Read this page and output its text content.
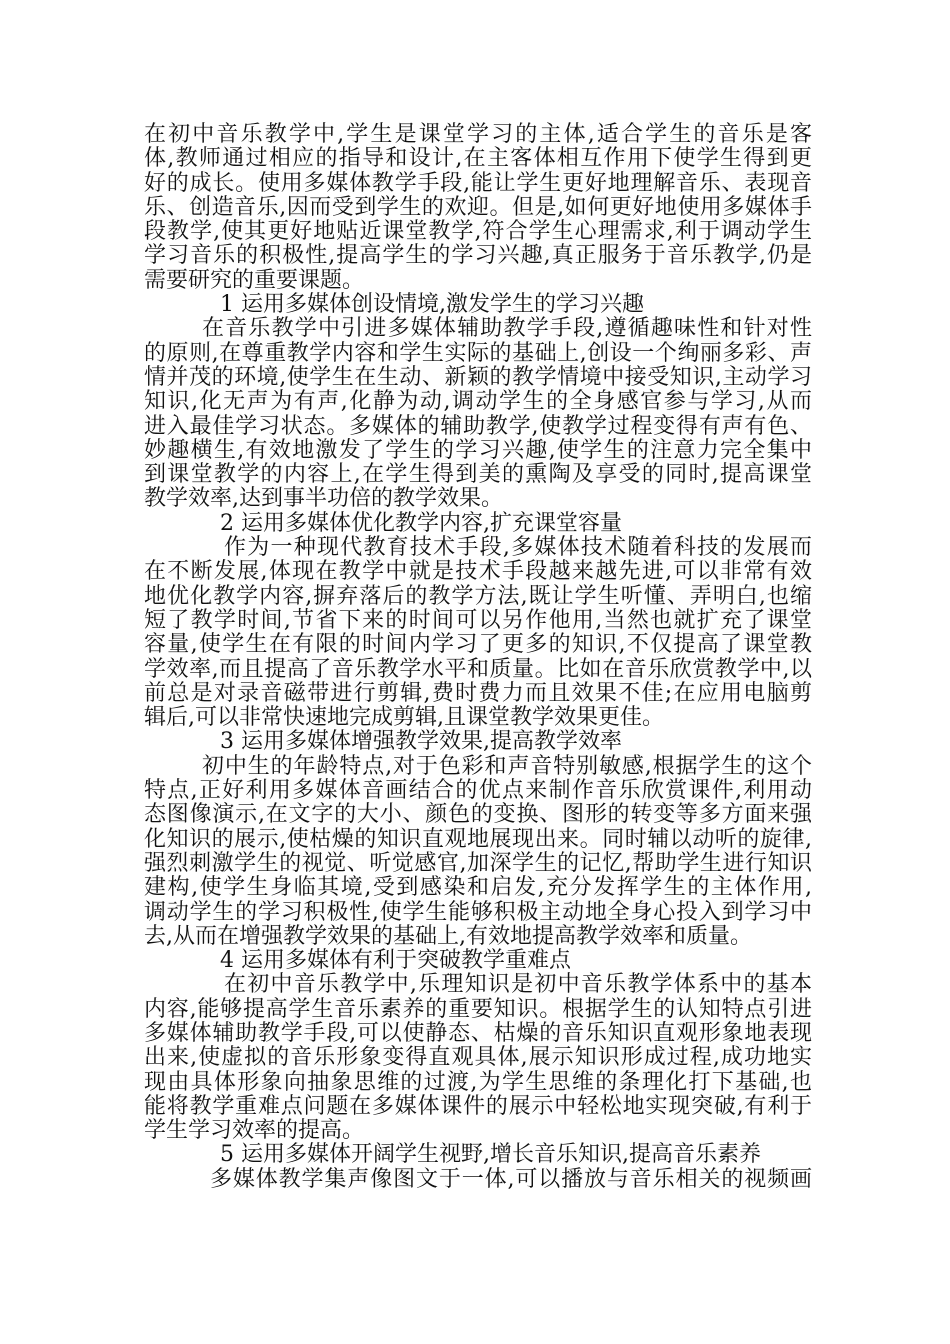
在初中音乐教学中,学生是课堂学习的主体,适合学生的音乐是客
体,教师通过相应的指导和设计,在主客体相互作用下使学生得到更
好的成长。使用多媒体教学手段,能让学生更好地理解音乐、表现音
乐、创造音乐,因而受到学生的欢迎。但是,如何更好地使用多媒体手
段教学,使其更好地贴近课堂教学,符合学生心理需求,利于调动学生
学习音乐的积极性,提高学生的学习兴趣,真正服务于音乐教学,仍是
需要研究的重要课题。
1 运用多媒体创设情境,激发学生的学习兴趣
在音乐教学中引进多媒体辅助教学手段,遵循趣味性和针对性
的原则,在尊重教学内容和学生实际的基础上,创设一个绚丽多彩、声
情并茂的环境,使学生在生动、新颖的教学情境中接受知识,主动学习
知识,化无声为有声,化静为动,调动学生的全身感官参与学习,从而
进入最佳学习状态。多媒体的辅助教学,使教学过程变得有声有色、
妙趣横生,有效地激发了学生的学习兴趣,使学生的注意力完全集中
到课堂教学的内容上,在学生得到美的熏陶及享受的同时,提高课堂
教学效率,达到事半功倍的教学效果。
2 运用多媒体优化教学内容,扩充课堂容量
作为一种现代教育技术手段,多媒体技术随着科技的发展而
在不断发展,体现在教学中就是技术手段越来越先进,可以非常有效
地优化教学内容,摒弃落后的教学方法,既让学生听懂、弄明白,也缩
短了教学时间,节省下来的时间可以另作他用,当然也就扩充了课堂
容量,使学生在有限的时间内学习了更多的知识,不仅提高了课堂教
学效率,而且提高了音乐教学水平和质量。比如在音乐欣赏教学中,以
前总是对录音磁带进行剪辑,费时费力而且效果不佳;在应用电脑剪
辑后,可以非常快速地完成剪辑,且课堂教学效果更佳。
3 运用多媒体增强教学效果,提高教学效率
初中生的年龄特点,对于色彩和声音特别敏感,根据学生的这个
特点,正好利用多媒体音画结合的优点来制作音乐欣赏课件,利用动
态图像演示,在文字的大小、颜色的变换、图形的转变等多方面来强
化知识的展示,使枯燥的知识直观地展现出来。同时辅以动听的旋律,
强烈刺激学生的视觉、听觉感官,加深学生的记忆,帮助学生进行知识
建构,使学生身临其境,受到感染和启发,充分发挥学生的主体作用,
调动学生的学习积极性,使学生能够积极主动地全身心投入到学习中
去,从而在增强教学效果的基础上,有效地提高教学效率和质量。
4 运用多媒体有利于突破教学重难点
在初中音乐教学中,乐理知识是初中音乐教学体系中的基本
内容,能够提高学生音乐素养的重要知识。根据学生的认知特点引进
多媒体辅助教学手段,可以使静态、枯燥的音乐知识直观形象地表现
出来,使虚拟的音乐形象变得直观具体,展示知识形成过程,成功地实
现由具体形象向抽象思维的过渡,为学生思维的条理化打下基础,也
能将教学重难点问题在多媒体课件的展示中轻松地实现突破,有利于
学生学习效率的提高。
5 运用多媒体开阔学生视野,增长音乐知识,提高音乐素养
多媒体教学集声像图文于一体,可以播放与音乐相关的视频画
